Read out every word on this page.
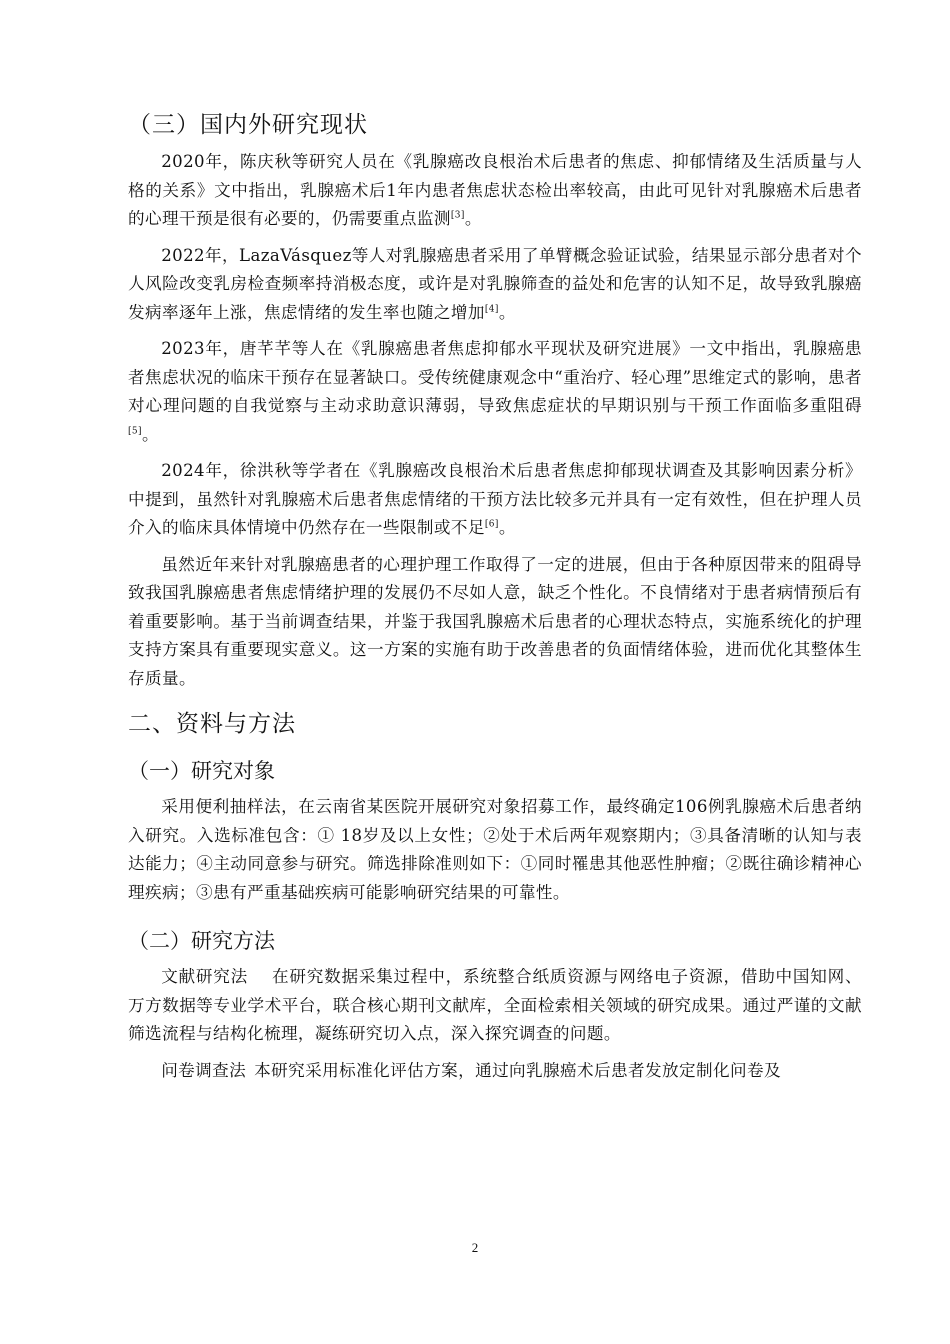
（三）国内外研究现状

2020年，陈庆秋等研究人员在《乳腺癌改良根治术后患者的焦虑、抑郁情绪及生活质量与人格的关系》文中指出，乳腺癌术后1年内患者焦虑状态检出率较高，由此可见针对乳腺癌术后患者的心理干预是很有必要的，仍需要重点监测[3]。

2022年，LazaVásquez等人对乳腺癌患者采用了单臂概念验证试验，结果显示部分患者对个人风险改变乳房检查频率持消极态度，或许是对乳腺筛查的益处和危害的认知不足，故导致乳腺癌发病率逐年上涨，焦虑情绪的发生率也随之增加[4]。

2023年，唐芊芊等人在《乳腺癌患者焦虑抑郁水平现状及研究进展》一文中指出，乳腺癌患者焦虑状况的临床干预存在显著缺口。受传统健康观念中“重治疗、轻心理”思维定式的影响，患者对心理问题的自我觉察与主动求助意识薄弱，导致焦虑症状的早期识别与干预工作面临多重阻碍[5]。

2024年，徐洪秋等学者在《乳腺癌改良根治术后患者焦虑抑郁现状调查及其影响因素分析》中提到，虽然针对乳腺癌术后患者焦虑情绪的干预方法比较多元并具有一定有效性，但在护理人员介入的临床具体情境中仍然存在一些限制或不足[6]。

虽然近年来针对乳腺癌患者的心理护理工作取得了一定的进展，但由于各种原因带来的阻碍导致我国乳腺癌患者焦虑情绪护理的发展仍不尽如人意，缺乏个性化。不良情绪对于患者病情预后有着重要影响。基于当前调查结果，并鉴于我国乳腺癌术后患者的心理状态特点，实施系统化的护理支持方案具有重要现实意义。这一方案的实施有助于改善患者的负面情绪体验，进而优化其整体生存质量。

二、资料与方法
（一）研究对象

采用便利抽样法，在云南省某医院开展研究对象招募工作，最终确定106例乳腺癌术后患者纳入研究。入选标准包含：① 18岁及以上女性；②处于术后两年观察期内；③具备清晰的认知与表达能力；④主动同意参与研究。筛选排除准则如下：①同时罹患其他恶性肿瘤；②既往确诊精神心理疾病；③患有严重基础疾病可能影响研究结果的可靠性。

（二）研究方法

文献研究法 在研究数据采集过程中，系统整合纸质资源与网络电子资源，借助中国知网、万方数据等专业学术平台，联合核心期刊文献库，全面检索相关领域的研究成果。通过严谨的文献筛选流程与结构化梳理，凝练研究切入点，深入探究调查的问题。

问卷调查法 本研究采用标准化评估方案，通过向乳腺癌术后患者发放定制化问卷及

2
